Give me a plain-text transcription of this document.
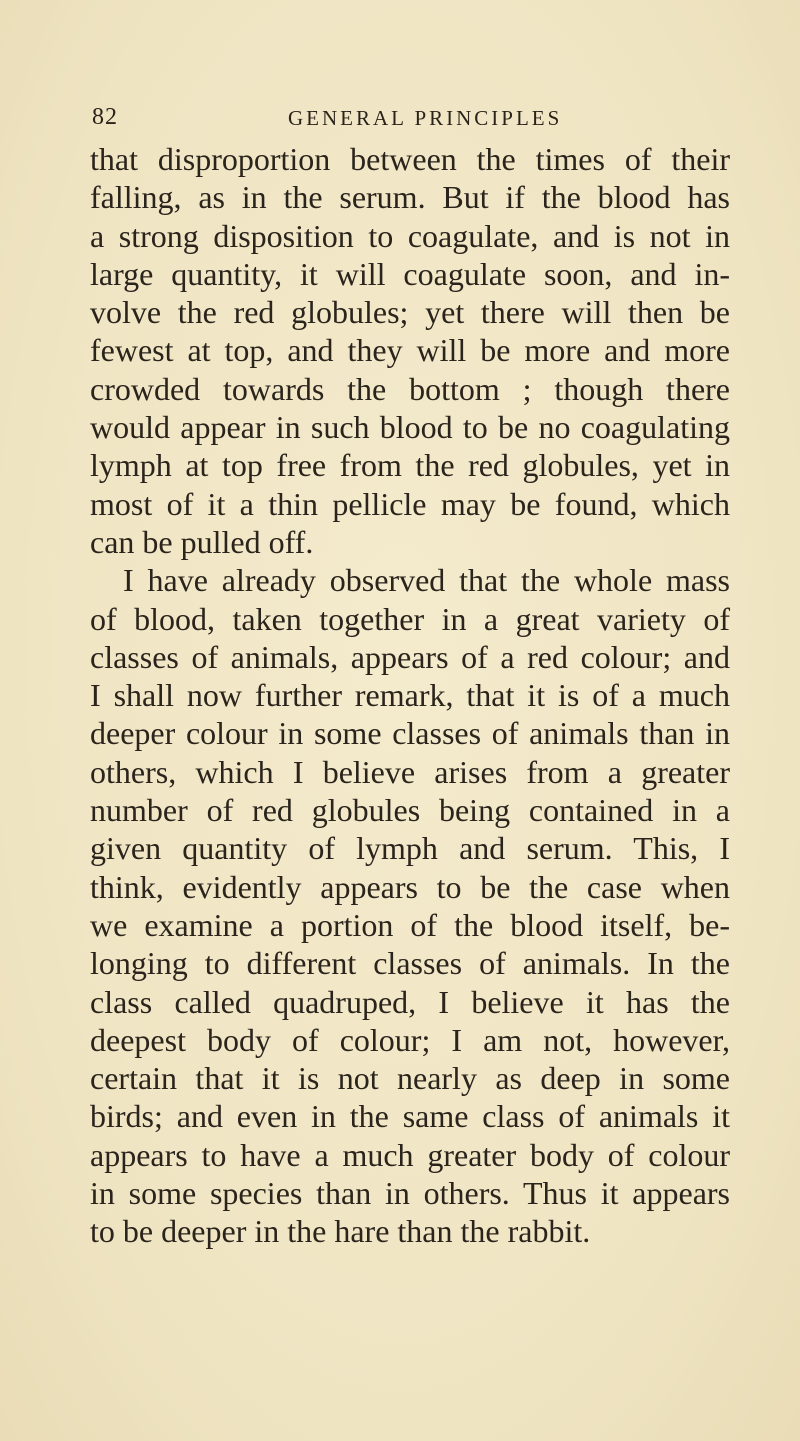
82	GENERAL PRINCIPLES
that disproportion between the times of their
falling, as in the serum. But if the blood has
a strong disposition to coagulate, and is not in
large quantity, it will coagulate soon, and in-
volve the red globules; yet there will then be
fewest at top, and they will be more and more
crowded towards the bottom ; though there
would appear in such blood to be no coagulating
lymph at top free from the red globules, yet in
most of it a thin pellicle may be found, which
can be pulled off.
I have already observed that the whole mass
of blood, taken together in a great variety of
classes of animals, appears of a red colour; and
I shall now further remark, that it is of a much
deeper colour in some classes of animals than in
others, which I believe arises from a greater
number of red globules being contained in a
given quantity of lymph and serum. This, I
think, evidently appears to be the case when
we examine a portion of the blood itself, be-
longing to different classes of animals. In the
class called quadruped, I believe it has the
deepest body of colour; I am not, however,
certain that it is not nearly as deep in some
birds; and even in the same class of animals it
appears to have a much greater body of colour
in some species than in others. Thus it appears
to be deeper in the hare than the rabbit.
